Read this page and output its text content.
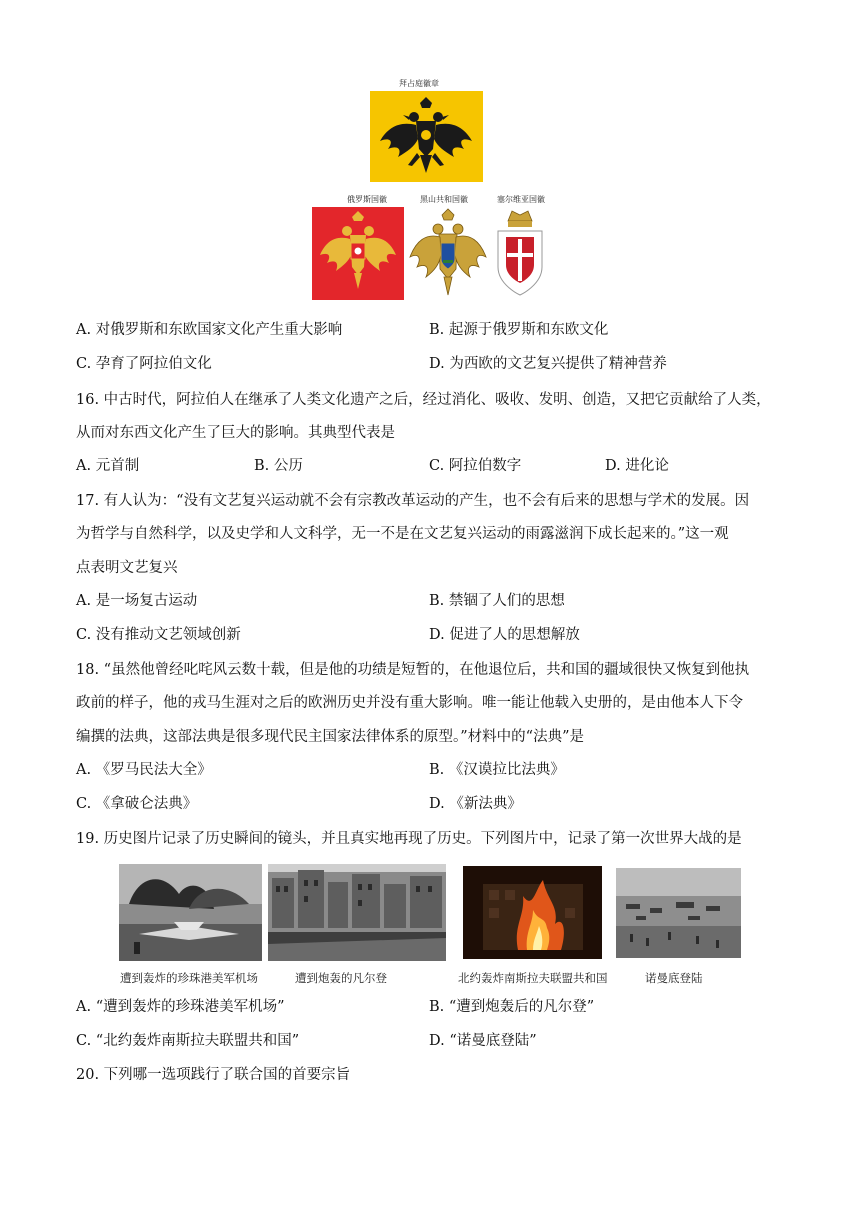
拜占庭徽章
俄罗斯国徽	黑山共和国徽	塞尔维亚国徽
A. 对俄罗斯和东欧国家文化产生重大影响	B. 起源于俄罗斯和东欧文化
C. 孕育了阿拉伯文化	D. 为西欧的文艺复兴提供了精神营养
16. 中古时代，阿拉伯人在继承了人类文化遗产之后，经过消化、吸收、发明、创造，又把它贡献给了人类，
从而对东西文化产生了巨大的影响。其典型代表是
A. 元首制	B. 公历	C. 阿拉伯数字	D. 进化论
17. 有人认为：“没有文艺复兴运动就不会有宗教改革运动的产生，也不会有后来的思想与学术的发展。因
为哲学与自然科学，以及史学和人文科学，无一不是在文艺复兴运动的雨露滋润下成长起来的。”这一观
点表明文艺复兴
A. 是一场复古运动	B. 禁锢了人们的思想
C. 没有推动文艺领域创新	D. 促进了人的思想解放
18. “虽然他曾经叱咤风云数十载，但是他的功绩是短暂的，在他退位后，共和国的疆域很快又恢复到他执
政前的样子，他的戎马生涯对之后的欧洲历史并没有重大影响。唯一能让他载入史册的，是由他本人下令
编撰的法典，这部法典是很多现代民主国家法律体系的原型。”材料中的“法典”是
A. 《罗马民法大全》	B. 《汉谟拉比法典》
C. 《拿破仑法典》	D. 《新法典》
19. 历史图片记录了历史瞬间的镜头，并且真实地再现了历史。下列图片中，记录了第一次世界大战的是
遭到轰炸的珍珠港美军机场	遭到炮轰的凡尔登	北约轰炸南斯拉夫联盟共和国	诺曼底登陆
A. “遭到轰炸的珍珠港美军机场”	B. “遭到炮轰后的凡尔登”
C. “北约轰炸南斯拉夫联盟共和国”	D. “诺曼底登陆”
20. 下列哪一选项践行了联合国的首要宗旨
